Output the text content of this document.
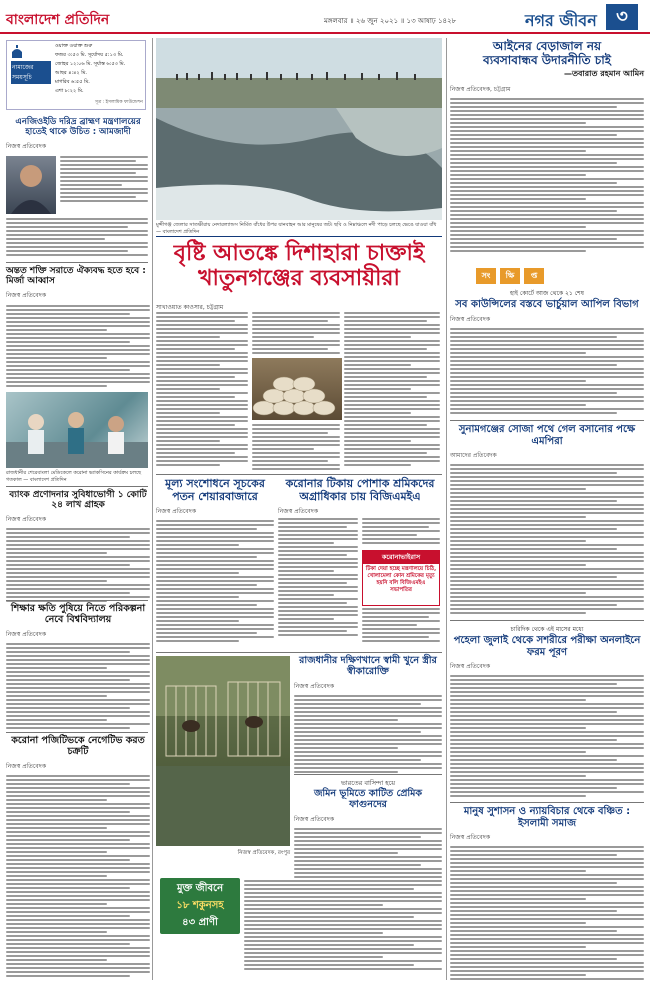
বাংলাদেশ প্রতিদিন	মঙ্গলবার ॥ ২৬ জুন ২০২১ ॥ ১৩ আষাঢ় ১৪২৮	নগর জীবন	৩
নামাজের
সময়সূচি
ওয়াক্ত ওয়াক্ত শুরু
ফজর ৩:৫৩ মি. সূর্যোদয় ৫:১৩ মি.
জোহর ১২:০৬ মি. সূর্যাস্ত ৬:৫৩ মি.
আছর ৪:৪২ মি.
মাগরিব ৬:৫৫ মি.
এশা ৮:২২ মি.
সূত্র : ইসলামিক ফাউন্ডেশন
এনজিওইডি দরিদ্র ব্রাহ্মণ মন্ত্রণালয়ের হাতেই থাকে উচিত : আমজাদী
নিজস্ব প্রতিবেদক
অন্তত শক্তি সরাতে ঐক্যবদ্ধ হতে হবে : মির্জা আব্বাস
নিজস্ব প্রতিবেদক
রাজধানীর শেরেবাংলা মেডিকেলে করোনা ভ্যাকসিনের কার্যক্রম চলছে গতকাল — বাংলাদেশ প্রতিদিন
ব্যাংক প্রণোদনার সুবিধাভোগী ১ কোটি ২৪ লাখ গ্রাহক
নিজস্ব প্রতিবেদক
শিক্ষার ক্ষতি পুষিয়ে নিতে পরিকল্পনা নেবে বিশ্ববিদ্যালয়
নিজস্ব প্রতিবেদক
করোনা পজিটিভকে নেগেটিভ করত চক্রটি
নিজস্ব প্রতিবেদক
মুন্সীগঞ্জ জেলার সাতক্ষীরায় নেদারল্যান্ডস নির্মিত বাঁধের উপর যানবাহন আর মানুষের জট। ছবি ও নিম্নাঞ্চলে নদী পাড়ে চলছে ভেঙে যাওয়া বাঁধ — বাংলাদেশ প্রতিদিন
বৃষ্টি আতঙ্কে দিশাহারা চাক্তাই
খাতুনগঞ্জের ব্যবসায়ীরা
সাখাওয়াত কাওসার, চট্টগ্রাম
মূল্য সংশোধনে সূচকের পতন শেয়ারবাজারে
নিজস্ব প্রতিবেদক
করোনার টিকায় পোশাক শ্রমিকদের অগ্রাধিকার চায় বিজিএমইএ
নিজস্ব প্রতিবেদক
করোনাভাইরাস
টিকা দেয়া হচ্ছে মন্ত্রণালয়ে চিঠি, খোলামেলা কোন শ্রমিকের মৃত্যু হয়নি বলি বিজিএমইএ সভাপতির
মুক্ত জীবনে
১৮ শকুনসহ
৪৩ প্রাণী
রাজধানীর দক্ষিণখানে স্বামী খুনে স্ত্রীর স্বীকারোক্তি
নিজস্ব প্রতিবেদক
ভারতের বাসিন্দা হয়ে
জমিন ভূমিতে কাটিত প্রেমিক ফাগুনদের
নিজস্ব প্রতিবেদক
নিজস্ব প্রতিবেদক, রংপুর
আইনের বেড়াজাল নয়
ব্যবসাবান্ধব উদারনীতি চাই
—তবারাত রহমান আমিন
নিজস্ব প্রতিবেদক, চট্টগ্রাম
সং	ক্ষি	প্ত
হাই কোর্টে আজ থেকে ২১ শেষ
সব কাউন্সিলের বস্তবে ভার্চুয়াল আপিল বিভাগ
নিজস্ব প্রতিবেদক
সুনামগঞ্জের সোজা পথে গেল বসানোর পক্ষে এমপিরা
আমাদের প্রতিবেদক
চারিদিক থেকে এই মাসের মধ্যে
পহেলা জুলাই থেকে সশরীরে পরীক্ষা অনলাইনে ফরম পূরণ
নিজস্ব প্রতিবেদক
মানুষ সুশাসন ও ন্যায়বিচার থেকে বঞ্চিত : ইসলামী সমাজ
নিজস্ব প্রতিবেদক
